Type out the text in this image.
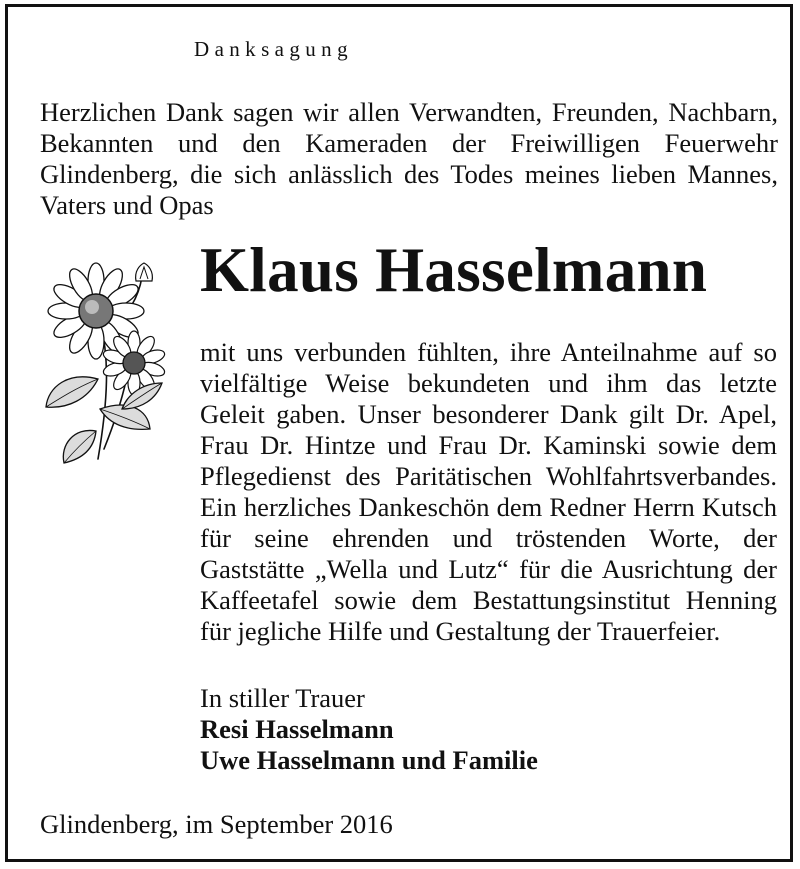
Danksagung
Herzlichen Dank sagen wir allen Verwandten, Freunden, Nachbarn, Bekannten und den Kameraden der Freiwilligen Feuerwehr Glindenberg, die sich anlässlich des Todes meines lieben Mannes, Vaters und Opas
Klaus Hasselmann
mit uns verbunden fühlten, ihre Anteilnahme auf so vielfältige Weise bekundeten und ihm das letzte Geleit gaben. Unser besonderer Dank gilt Dr. Apel, Frau Dr. Hintze und Frau Dr. Kaminski sowie dem Pflegedienst des Paritätischen Wohlfahrtsverbandes. Ein herzliches Dankeschön dem Redner Herrn Kutsch für seine ehrenden und tröstenden Worte, der Gaststätte „Wella und Lutz“ für die Ausrichtung der Kaffeetafel sowie dem Bestattungsinstitut Henning für jegliche Hilfe und Gestaltung der Trauerfeier.
In stiller Trauer
Resi Hasselmann
Uwe Hasselmann und Familie
Glindenberg, im September 2016
